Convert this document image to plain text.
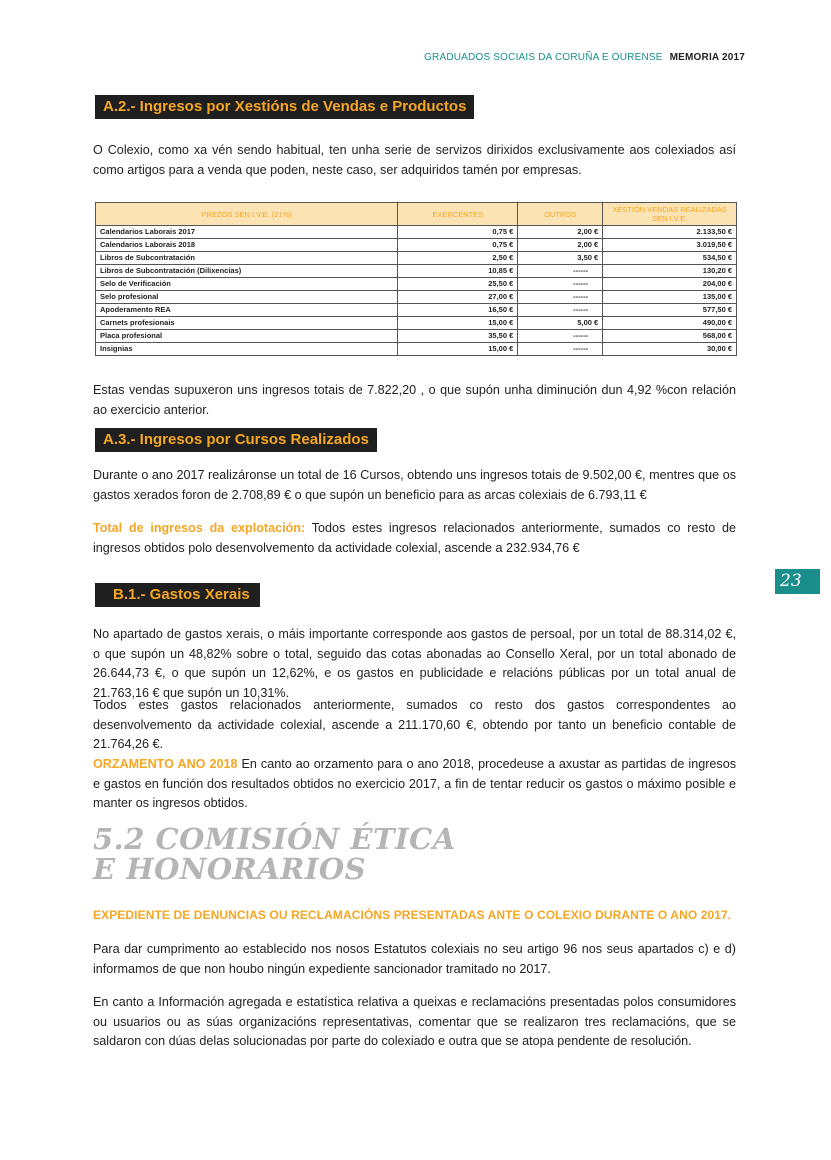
GRADUADOS SOCIAIS DA CORUÑA E OURENSE MEMORIA 2017
A.2.- Ingresos por Xestións de Vendas e Productos
O Colexio, como xa vén sendo habitual, ten unha serie de servizos dirixidos exclusivamente aos colexiados así como artigos para a venda que poden, neste caso, ser adquiridos tamén por empresas.
PREZOS SEN I.V.E. (21%)	EXERCENTES	OUTROS	XESTIÓN VENDAS REALIZADAS SEN I.V.E.
Calendarios Laborais 2017	0,75 €	2,00 €	2.133,50 €
Calendarios Laborais 2018	0,75 €	2,00 €	3.019,50 €
Libros de Subcontratación	2,50 €	3,50 €	534,50 €
Libros de Subcontratación (Dilixencias)	10,85 €	------	130,20 €
Selo de Verificación	25,50 €	------	204,00 €
Selo profesional	27,00 €	------	135,00 €
Apoderamento REA	16,50 €	------	577,50 €
Carnets profesionais	15,00 €	5,00 €	490,00 €
Placa profesional	35,50 €	------	568,00 €
Insignias	15,00 €	------	30,00 €
Estas vendas supuxeron uns ingresos totais de 7.822,20 , o que supón unha diminución dun 4,92 %con relación ao exercicio anterior.
A.3.- Ingresos por Cursos Realizados
Durante o ano 2017 realizáronse un total de 16 Cursos, obtendo uns ingresos totais de 9.502,00 €, mentres que os gastos xerados foron de 2.708,89 € o que supón un beneficio para as arcas colexiais de 6.793,11 €
Total de ingresos da explotación: Todos estes ingresos relacionados anteriormente, sumados co resto de ingresos obtidos polo desenvolvemento da actividade colexial, ascende a 232.934,76 €
B.1.- Gastos Xerais
23
No apartado de gastos xerais, o máis importante corresponde aos gastos de persoal, por un total de 88.314,02 €, o que supón un 48,82% sobre o total, seguido das cotas abonadas ao Consello Xeral, por un total abonado de 26.644,73 €, o que supón un 12,62%, e os gastos en publicidade e relacións públicas por un total anual de 21.763,16 € que supón un 10,31%.
Todos estes gastos relacionados anteriormente, sumados co resto dos gastos correspondentes ao desenvolvemento da actividade colexial, ascende a 211.170,60 €, obtendo por tanto un beneficio contable de 21.764,26 €.
ORZAMENTO ANO 2018 En canto ao orzamento para o ano 2018, procedeuse a axustar as partidas de ingresos e gastos en función dos resultados obtidos no exercicio 2017, a fin de tentar reducir os gastos o máximo posible e manter os ingresos obtidos.
5.2 COMISIÓN ÉTICA
E HONORARIOS
EXPEDIENTE DE DENUNCIAS OU RECLAMACIÓNS PRESENTADAS ANTE O COLEXIO DURANTE O ANO 2017.
Para dar cumprimento ao establecido nos nosos Estatutos colexiais no seu artigo 96 nos seus apartados c) e d) informamos de que non houbo ningún expediente sancionador tramitado no 2017.
En canto a Información agregada e estatística relativa a queixas e reclamacións presentadas polos consumidores ou usuarios ou as súas organizacións representativas, comentar que se realizaron tres reclamacións, que se saldaron con dúas delas solucionadas por parte do colexiado e outra que se atopa pendente de resolución.
